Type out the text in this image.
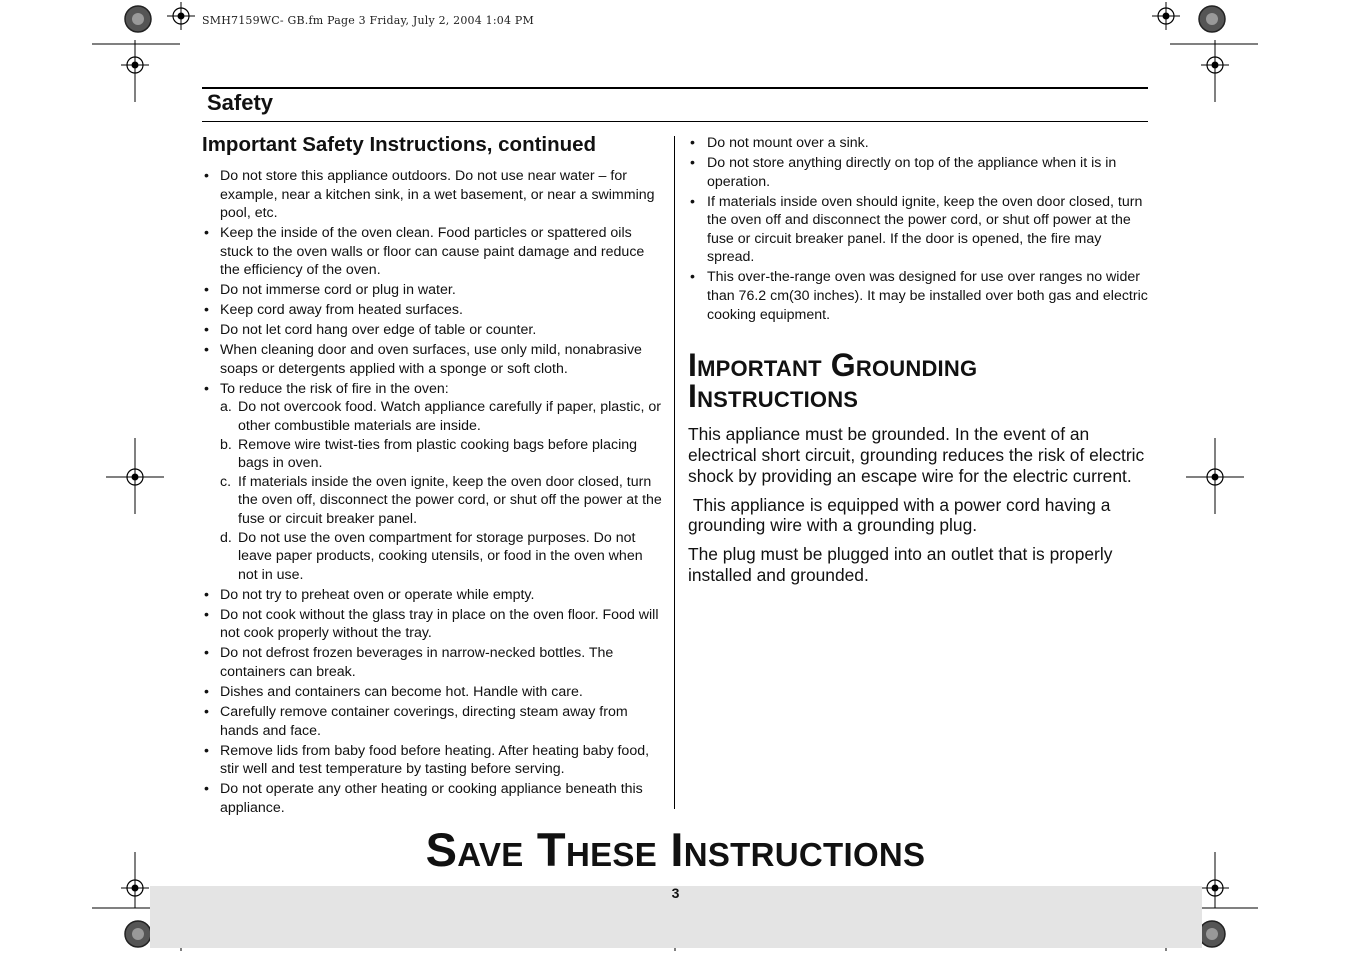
SMH7159WC- GB.fm Page 3 Friday, July 2, 2004 1:04 PM
Safety
Important Safety Instructions, continued
• Do not store this appliance outdoors. Do not use near water – for example, near a kitchen sink, in a wet basement, or near a swimming pool, etc.
• Keep the inside of the oven clean. Food particles or spattered oils stuck to the oven walls or floor can cause paint damage and reduce the efficiency of the oven.
• Do not immerse cord or plug in water.
• Keep cord away from heated surfaces.
• Do not let cord hang over edge of table or counter.
• When cleaning door and oven surfaces, use only mild, nonabrasive soaps or detergents applied with a sponge or soft cloth.
• To reduce the risk of fire in the oven:
a. Do not overcook food. Watch appliance carefully if paper, plastic, or other combustible materials are inside.
b. Remove wire twist-ties from plastic cooking bags before placing bags in oven.
c. If materials inside the oven ignite, keep the oven door closed, turn the oven off, disconnect the power cord, or shut off the power at the fuse or circuit breaker panel.
d. Do not use the oven compartment for storage purposes. Do not leave paper products, cooking utensils, or food in the oven when not in use.
• Do not try to preheat oven or operate while empty.
• Do not cook without the glass tray in place on the oven floor. Food will not cook properly without the tray.
• Do not defrost frozen beverages in narrow-necked bottles. The containers can break.
• Dishes and containers can become hot. Handle with care.
• Carefully remove container coverings, directing steam away from hands and face.
• Remove lids from baby food before heating. After heating baby food, stir well and test temperature by tasting before serving.
• Do not operate any other heating or cooking appliance beneath this appliance.
• Do not mount over a sink.
• Do not store anything directly on top of the appliance when it is in operation.
• If materials inside oven should ignite, keep the oven door closed, turn the oven off and disconnect the power cord, or shut off power at the fuse or circuit breaker panel. If the door is opened, the fire may spread.
• This over-the-range oven was designed for use over ranges no wider than 76.2 cm(30 inches). It may be installed over both gas and electric cooking equipment.
Important Grounding
Instructions

This appliance must be grounded. In the event of an electrical short circuit, grounding reduces the risk of electric shock by providing an escape wire for the electric current.

This appliance is equipped with a power cord having a grounding wire with a grounding plug.

The plug must be plugged into an outlet that is properly installed and grounded.

Save These Instructions
3
